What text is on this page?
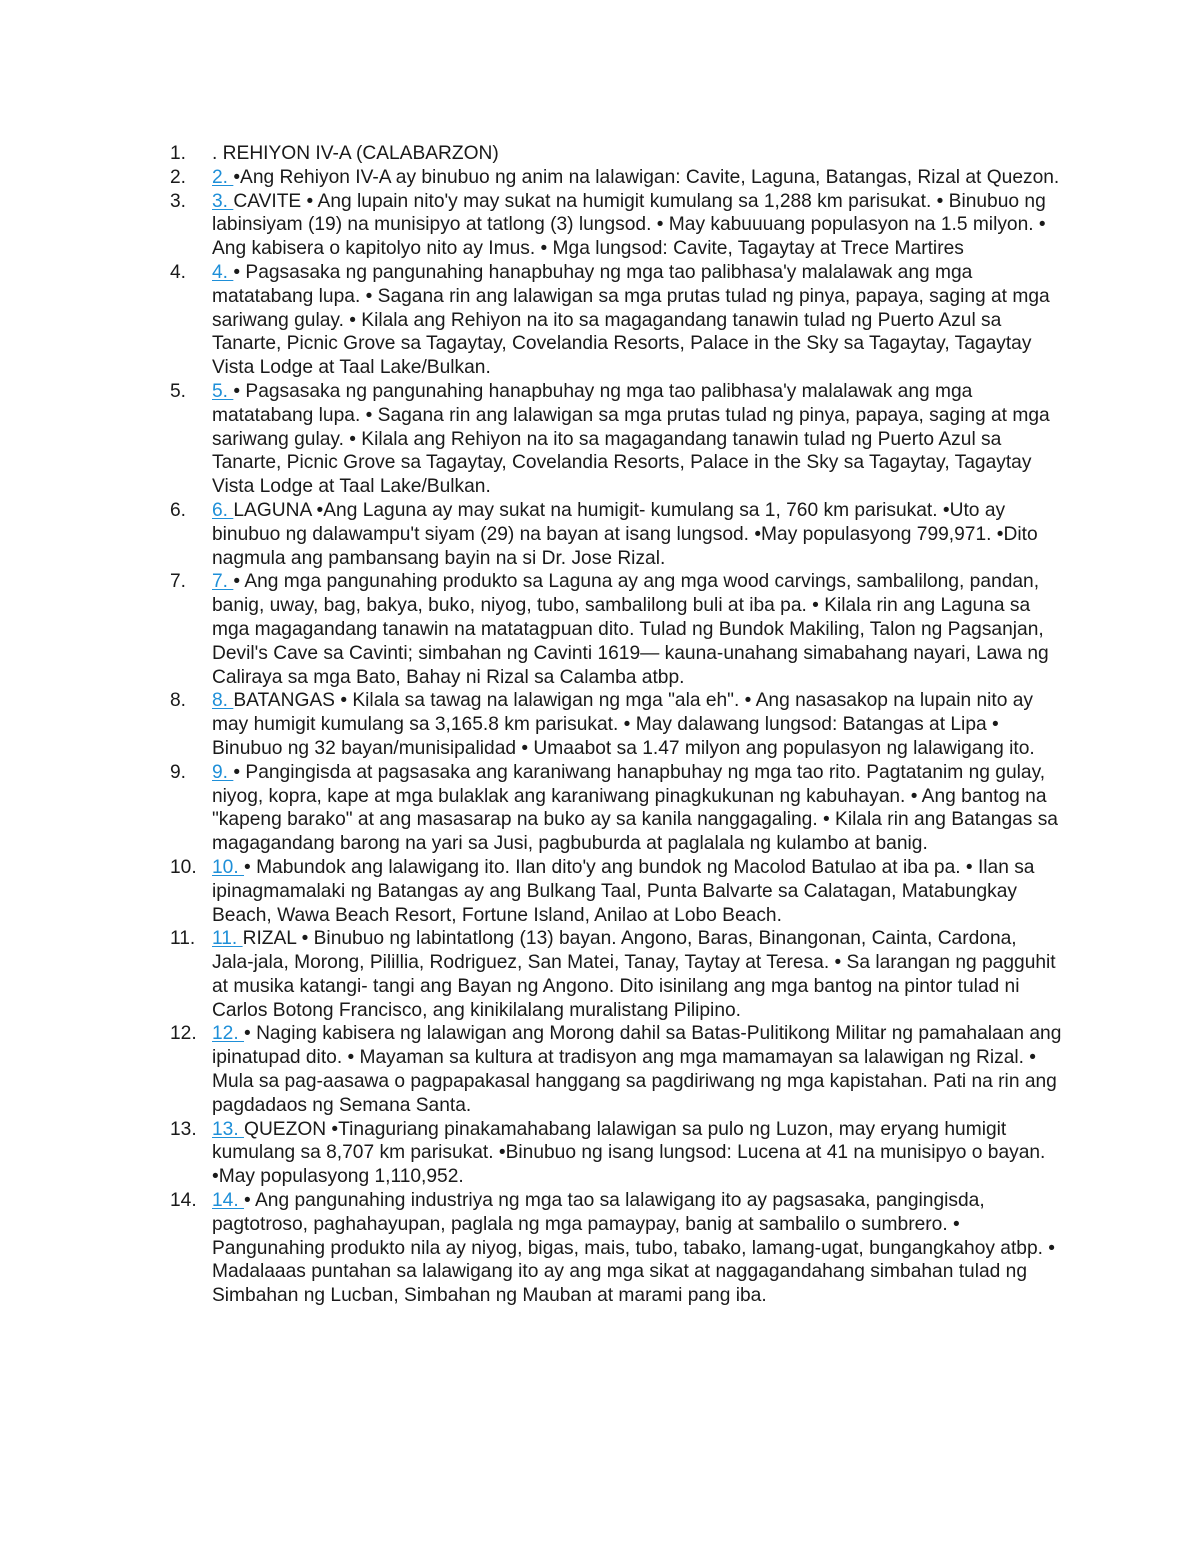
1.	. REHIYON IV-A (CALABARZON)
2.	2. •Ang Rehiyon IV-A ay binubuo ng anim na lalawigan: Cavite, Laguna, Batangas, Rizal at Quezon.
3.	3. CAVITE • Ang lupain nito'y may sukat na humigit kumulang sa 1,288 km parisukat. • Binubuo ng labinsiyam (19) na munisipyo at tatlong (3) lungsod. • May kabuuuang populasyon na 1.5 milyon. • Ang kabisera o kapitolyo nito ay Imus. • Mga lungsod: Cavite, Tagaytay at Trece Martires
4.	4. • Pagsasaka ng pangunahing hanapbuhay ng mga tao palibhasa'y malalawak ang mga matatabang lupa. • Sagana rin ang lalawigan sa mga prutas tulad ng pinya, papaya, saging at mga sariwang gulay. • Kilala ang Rehiyon na ito sa magagandang tanawin tulad ng Puerto Azul sa Tanarte, Picnic Grove sa Tagaytay, Covelandia Resorts, Palace in the Sky sa Tagaytay, Tagaytay Vista Lodge at Taal Lake/Bulkan.
5.	5. • Pagsasaka ng pangunahing hanapbuhay ng mga tao palibhasa'y malalawak ang mga matatabang lupa. • Sagana rin ang lalawigan sa mga prutas tulad ng pinya, papaya, saging at mga sariwang gulay. • Kilala ang Rehiyon na ito sa magagandang tanawin tulad ng Puerto Azul sa Tanarte, Picnic Grove sa Tagaytay, Covelandia Resorts, Palace in the Sky sa Tagaytay, Tagaytay Vista Lodge at Taal Lake/Bulkan.
6.	6. LAGUNA •Ang Laguna ay may sukat na humigit- kumulang sa 1, 760 km parisukat. •Uto ay binubuo ng dalawampu't siyam (29) na bayan at isang lungsod. •May populasyong 799,971. •Dito nagmula ang pambansang bayin na si Dr. Jose Rizal.
7.	7. • Ang mga pangunahing produkto sa Laguna ay ang mga wood carvings, sambalilong, pandan, banig, uway, bag, bakya, buko, niyog, tubo, sambalilong buli at iba pa. • Kilala rin ang Laguna sa mga magagandang tanawin na matatagpuan dito. Tulad ng Bundok Makiling, Talon ng Pagsanjan, Devil's Cave sa Cavinti; simbahan ng Cavinti 1619— kauna-unahang simabahang nayari, Lawa ng Caliraya sa mga Bato, Bahay ni Rizal sa Calamba atbp.
8.	8. BATANGAS • Kilala sa tawag na lalawigan ng mga "ala eh". • Ang nasasakop na lupain nito ay may humigit kumulang sa 3,165.8 km parisukat. • May dalawang lungsod: Batangas at Lipa • Binubuo ng 32 bayan/munisipalidad • Umaabot sa 1.47 milyon ang populasyon ng lalawigang ito.
9.	9. • Pangingisda at pagsasaka ang karaniwang hanapbuhay ng mga tao rito. Pagtatanim ng gulay, niyog, kopra, kape at mga bulaklak ang karaniwang pinagkukunan ng kabuhayan. • Ang bantog na "kapeng barako" at ang masasarap na buko ay sa kanila nanggagaling. • Kilala rin ang Batangas sa magagandang barong na yari sa Jusi, pagbuburda at paglalala ng kulambo at banig.
10. 10. • Mabundok ang lalawigang ito. Ilan dito'y ang bundok ng Macolod Batulao at iba pa. • Ilan sa ipinagmamalaki ng Batangas ay ang Bulkang Taal, Punta Balvarte sa Calatagan, Matabungkay Beach, Wawa Beach Resort, Fortune Island, Anilao at Lobo Beach.
11. 11. RIZAL • Binubuo ng labintatlong (13) bayan. Angono, Baras, Binangonan, Cainta, Cardona, Jala-jala, Morong, Pilillia, Rodriguez, San Matei, Tanay, Taytay at Teresa. • Sa larangan ng pagguhit at musika katangi- tangi ang Bayan ng Angono. Dito isinilang ang mga bantog na pintor tulad ni Carlos Botong Francisco, ang kinikilalang muralistang Pilipino.
12. 12. • Naging kabisera ng lalawigan ang Morong dahil sa Batas-Pulitikong Militar ng pamahalaan ang ipinatupad dito. • Mayaman sa kultura at tradisyon ang mga mamamayan sa lalawigan ng Rizal. • Mula sa pag-aasawa o pagpapakasal hanggang sa pagdiriwang ng mga kapistahan. Pati na rin ang pagdadaos ng Semana Santa.
13. 13. QUEZON •Tinaguriang pinakamahabang lalawigan sa pulo ng Luzon, may eryang humigit kumulang sa 8,707 km parisukat. •Binubuo ng isang lungsod: Lucena at 41 na munisipyo o bayan. •May populasyong 1,110,952.
14. 14. • Ang pangunahing industriya ng mga tao sa lalawigang ito ay pagsasaka, pangingisda, pagtotroso, paghahayupan, paglala ng mga pamaypay, banig at sambalilo o sumbrero. • Pangunahing produkto nila ay niyog, bigas, mais, tubo, tabako, lamang-ugat, bungangkahoy atbp. • Madalaaas puntahan sa lalawigang ito ay ang mga sikat at naggagandahang simbahan tulad ng Simbahan ng Lucban, Simbahan ng Mauban at marami pang iba.
